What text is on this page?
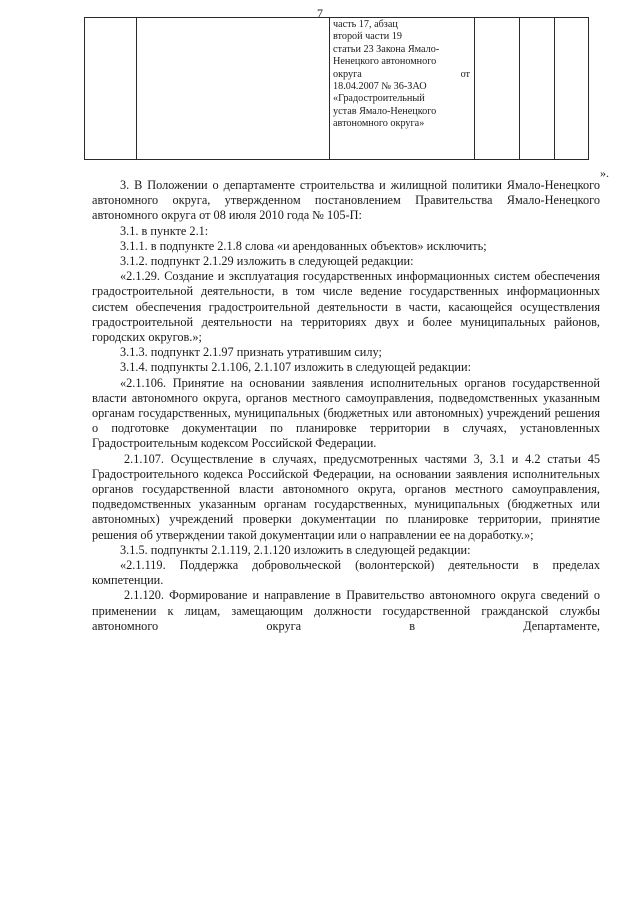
7

часть 17, абзац
второй части 19
статьи 23 Закона Ямало-
Ненецкого автономного
округа	от
18.04.2007 № 36-ЗАО
«Градостроительный
устав Ямало-Ненецкого
автономного округа»

».

3. В Положении о департаменте строительства и жилищной политики Ямало-Ненецкого автономного округа, утвержденном постановлением Правительства Ямало-Ненецкого автономного округа от 08 июля 2010 года № 105-П:

3.1. в пункте 2.1:

3.1.1. в подпункте 2.1.8 слова «и арендованных объектов» исключить;

3.1.2. подпункт 2.1.29 изложить в следующей редакции:

«2.1.29. Создание и эксплуатация государственных информационных систем обеспечения градостроительной деятельности, в том числе ведение государственных информационных систем обеспечения градостроительной деятельности в части, касающейся осуществления градостроительной деятельности на территориях двух и более муниципальных районов, городских округов.»;

3.1.3. подпункт 2.1.97 признать утратившим силу;

3.1.4. подпункты 2.1.106, 2.1.107 изложить в следующей редакции:

«2.1.106. Принятие на основании заявления исполнительных органов государственной власти автономного округа, органов местного самоуправления, подведомственных указанным органам государственных, муниципальных (бюджетных или автономных) учреждений решения о подготовке документации по планировке территории в случаях, установленных Градостроительным кодексом Российской Федерации.

2.1.107. Осуществление в случаях, предусмотренных частями 3, 3.1 и 4.2 статьи 45 Градостроительного кодекса Российской Федерации, на основании заявления исполнительных органов государственной власти автономного округа, органов местного самоуправления, подведомственных указанным органам государственных, муниципальных (бюджетных или автономных) учреждений проверки документации по планировке территории, принятие решения об утверждении такой документации или о направлении ее на доработку.»;

3.1.5. подпункты 2.1.119, 2.1.120 изложить в следующей редакции:

«2.1.119. Поддержка добровольческой (волонтерской) деятельности в пределах компетенции.

2.1.120. Формирование и направление в Правительство автономного округа сведений о применении к лицам, замещающим должности государственной гражданской службы автономного округа в Департаменте,
